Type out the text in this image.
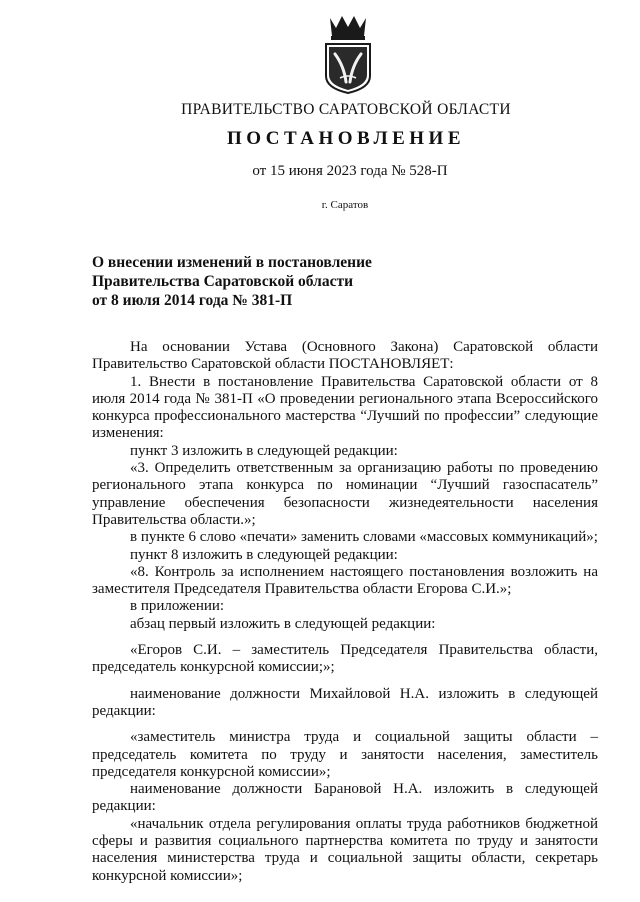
ПРАВИТЕЛЬСТВО САРАТОВСКОЙ ОБЛАСТИ
ПОСТАНОВЛЕНИЕ
от 15 июня 2023 года № 528-П
г. Саратов
О внесении изменений в постановление
Правительства Саратовской области
от 8 июля 2014 года № 381-П

На основании Устава (Основного Закона) Саратовской области Правительство Саратовской области ПОСТАНОВЛЯЕТ:

1. Внести в постановление Правительства Саратовской области от 8 июля 2014 года № 381-П «О проведении регионального этапа Всероссийского конкурса профессионального мастерства “Лучший по профессии” следующие изменения:

пункт 3 изложить в следующей редакции:

«3. Определить ответственным за организацию работы по проведению регионального этапа конкурса по номинации “Лучший газоспасатель” управление обеспечения безопасности жизнедеятельности населения Правительства области.»;

в пункте 6 слово «печати» заменить словами «массовых коммуникаций»;

пункт 8 изложить в следующей редакции:

«8. Контроль за исполнением настоящего постановления возложить на заместителя Председателя Правительства области Егорова С.И.»;

в приложении:

абзац первый изложить в следующей редакции:

«Егоров С.И. – заместитель Председателя Правительства области, председатель конкурсной комиссии;»;

наименование должности Михайловой Н.А. изложить в следующей редакции:

«заместитель министра труда и социальной защиты области – председатель комитета по труду и занятости населения, заместитель председателя конкурсной комиссии»;

наименование должности Барановой Н.А. изложить в следующей редакции:

«начальник отдела регулирования оплаты труда работников бюджетной сферы и развития социального партнерства комитета по труду и занятости населения министерства труда и социальной защиты области, секретарь конкурсной комиссии»;
